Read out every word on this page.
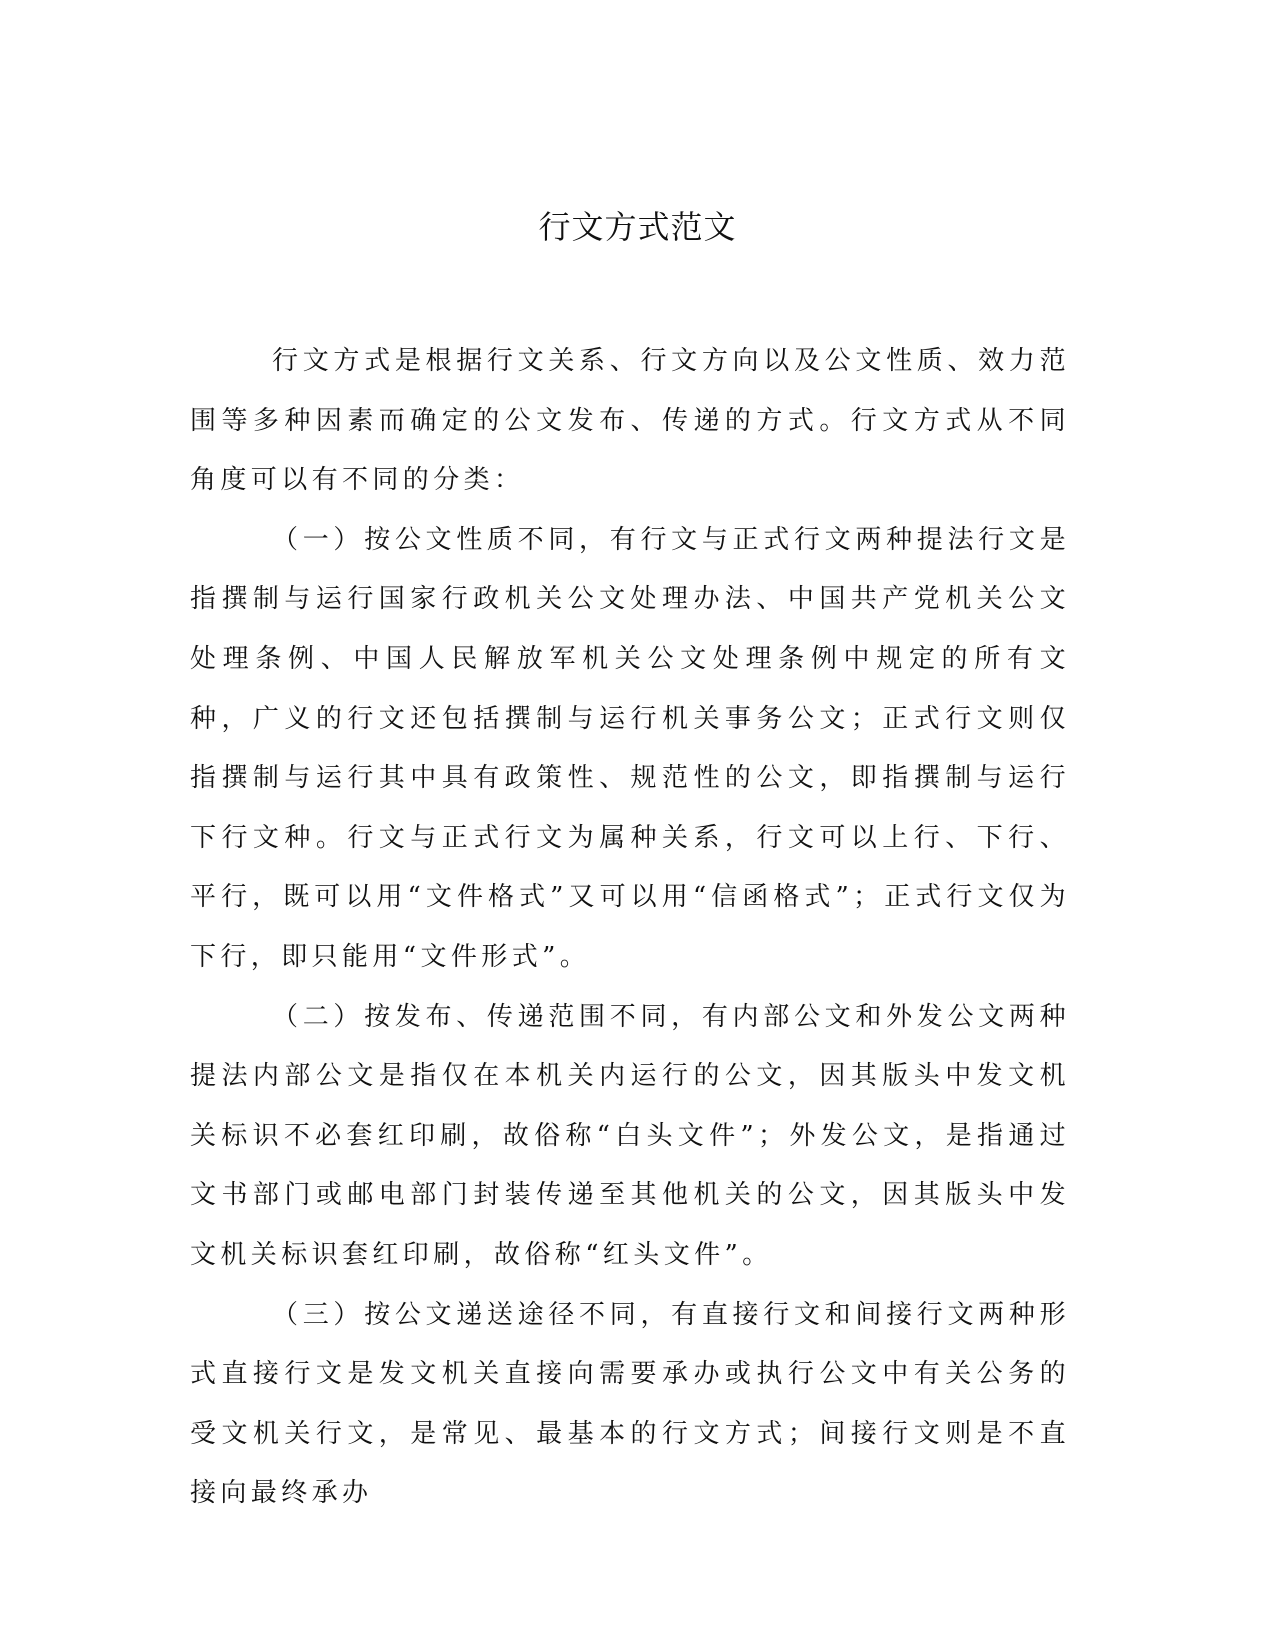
行文方式范文

行文方式是根据行文关系、行文方向以及公文性质、效力范围等多种因素而确定的公文发布、传递的方式。行文方式从不同角度可以有不同的分类：

（一）按公文性质不同，有行文与正式行文两种提法行文是指撰制与运行国家行政机关公文处理办法、中国共产党机关公文处理条例、中国人民解放军机关公文处理条例中规定的所有文种，广义的行文还包括撰制与运行机关事务公文；正式行文则仅指撰制与运行其中具有政策性、规范性的公文，即指撰制与运行下行文种。行文与正式行文为属种关系，行文可以上行、下行、平行，既可以用“文件格式”又可以用“信函格式”；正式行文仅为下行，即只能用“文件形式”。

（二）按发布、传递范围不同，有内部公文和外发公文两种提法内部公文是指仅在本机关内运行的公文，因其版头中发文机关标识不必套红印刷，故俗称“白头文件”；外发公文，是指通过文书部门或邮电部门封装传递至其他机关的公文，因其版头中发文机关标识套红印刷，故俗称“红头文件”。

（三）按公文递送途径不同，有直接行文和间接行文两种形式直接行文是发文机关直接向需要承办或执行公文中有关公务的受文机关行文，是常见、最基本的行文方式；间接行文则是不直接向最终承办
